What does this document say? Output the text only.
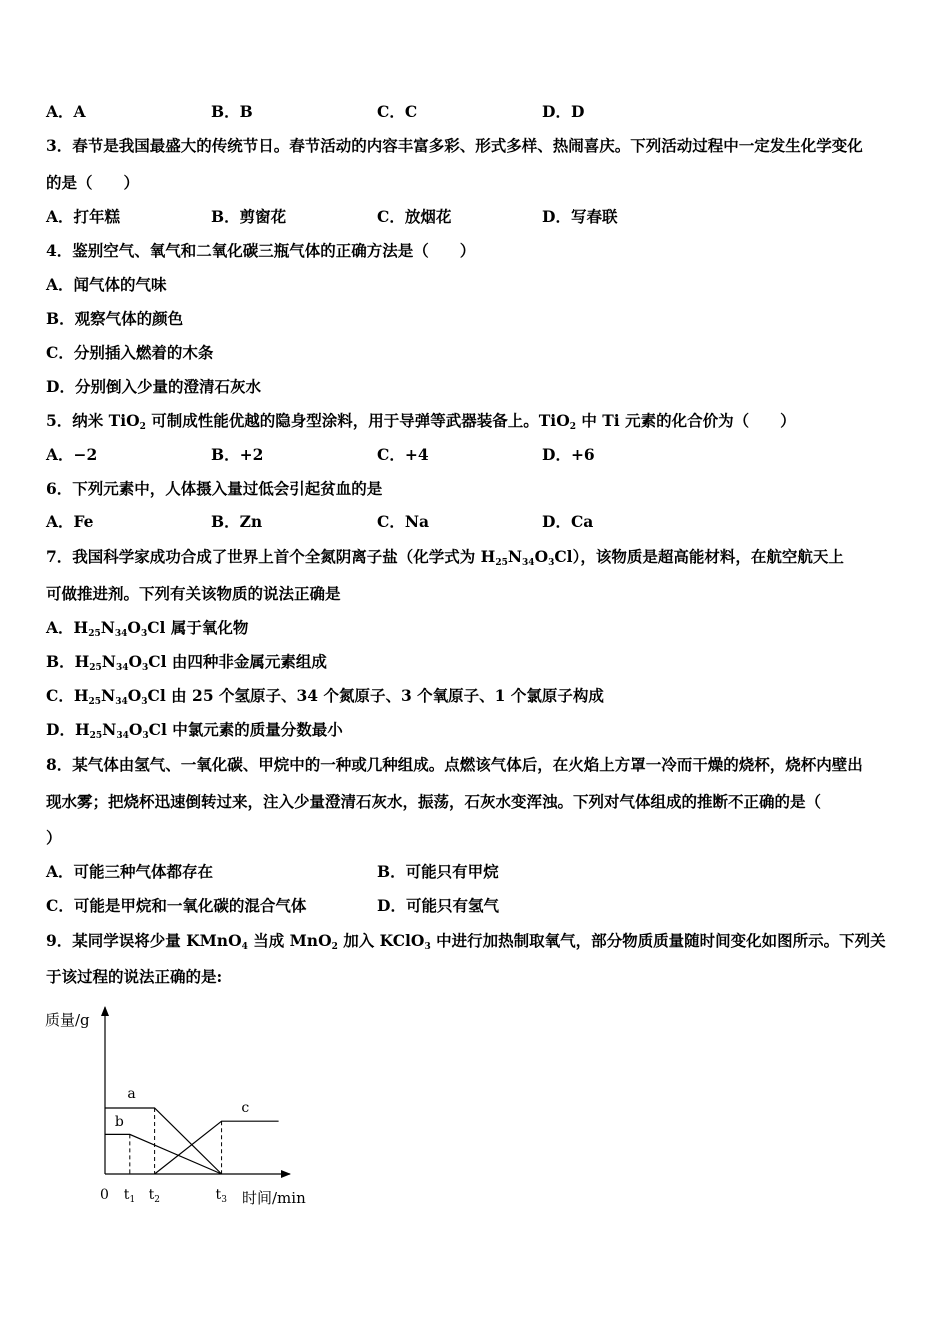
A．A	B．B	C．C	D．D
3．春节是我国最盛大的传统节日。春节活动的内容丰富多彩、形式多样、热闹喜庆。下列活动过程中一定发生化学变化
的是（　　）
A．打年糕	B．剪窗花	C．放烟花	D．写春联
4．鉴别空气、氧气和二氧化碳三瓶气体的正确方法是（　　）
A．闻气体的气味
B．观察气体的颜色
C．分别插入燃着的木条
D．分别倒入少量的澄清石灰水
5．纳米 TiO$_2$ 可制成性能优越的隐身型涂料，用于导弹等武器装备上。TiO$_2$ 中 Ti 元素的化合价为（　　）
A．−2	B．+2	C．+4	D．+6
6．下列元素中，人体摄入量过低会引起贫血的是
A．Fe	B．Zn	C．Na	D．Ca
7．我国科学家成功合成了世界上首个全氮阴离子盐（化学式为 $H_{25}N_{34}O_3Cl$），该物质是超高能材料，在航空航天上
可做推进剂。下列有关该物质的说法正确是
A．$H_{25}N_{34}O_3Cl$ 属于氧化物
B．$H_{25}N_{34}O_3Cl$ 由四种非金属元素组成
C．$H_{25}N_{34}O_3Cl$ 由 25 个氢原子、34 个氮原子、3 个氧原子、1 个氯原子构成
D．$H_{25}N_{34}O_3Cl$ 中氯元素的质量分数最小
8．某气体由氢气、一氧化碳、甲烷中的一种或几种组成。点燃该气体后，在火焰上方罩一冷而干燥的烧杯，烧杯内壁出
现水雾；把烧杯迅速倒转过来，注入少量澄清石灰水，振荡，石灰水变浑浊。下列对气体组成的推断不正确的是（
）
A．可能三种气体都存在	B．可能只有甲烷
C．可能是甲烷和一氧化碳的混合气体	D．可能只有氢气
9．某同学误将少量 KMnO$_4$ 当成 MnO$_2$ 加入 KClO$_3$ 中进行加热制取氧气，部分物质质量随时间变化如图所示。下列关
于该过程的说法正确的是:
质量/g
时间/min
0 $t_1$ $t_2$	$t_3$
a
b
c
